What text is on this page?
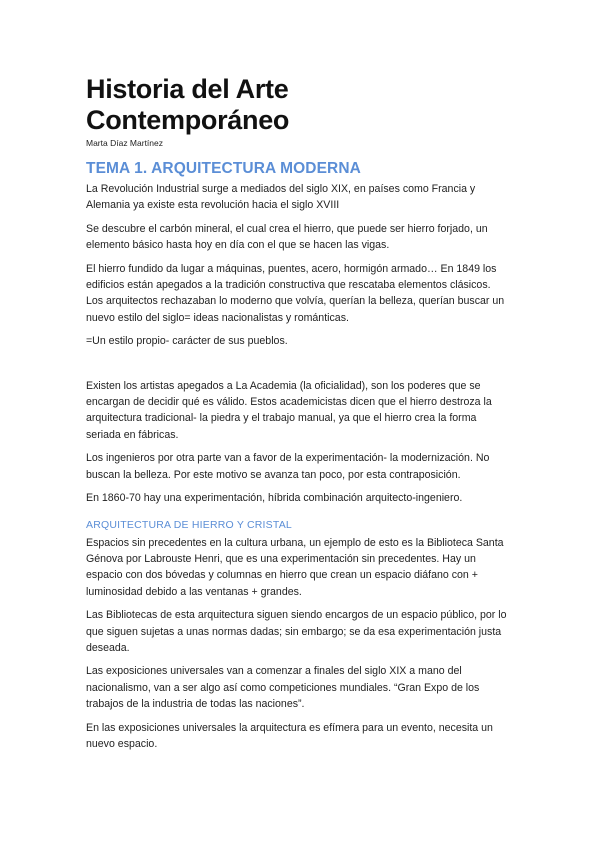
Historia del Arte
Contemporáneo
Marta Díaz Martínez
TEMA 1. ARQUITECTURA MODERNA

La Revolución Industrial surge a mediados del siglo XIX, en países como Francia y Alemania ya existe esta revolución hacia el siglo XVIII

Se descubre el carbón mineral, el cual crea el hierro, que puede ser hierro forjado, un elemento básico hasta hoy en día con el que se hacen las vigas.

El hierro fundido da lugar a máquinas, puentes, acero, hormigón armado… En 1849 los edificios están apegados a la tradición constructiva que rescataba elementos clásicos. Los arquitectos rechazaban lo moderno que volvía, querían la belleza, querían buscar un nuevo estilo del siglo= ideas nacionalistas y románticas.

=Un estilo propio- carácter de sus pueblos.

Existen los artistas apegados a La Academia (la oficialidad), son los poderes que se encargan de decidir qué es válido. Estos academicistas dicen que el hierro destroza la arquitectura tradicional- la piedra y el trabajo manual, ya que el hierro crea la forma seriada en fábricas.

Los ingenieros por otra parte van a favor de la experimentación- la modernización. No buscan la belleza. Por este motivo se avanza tan poco, por esta contraposición.

En 1860-70 hay una experimentación, híbrida combinación arquitecto-ingeniero.

ARQUITECTURA DE HIERRO Y CRISTAL

Espacios sin precedentes en la cultura urbana, un ejemplo de esto es la Biblioteca Santa Génova por Labrouste Henri, que es una experimentación sin precedentes. Hay un espacio con dos bóvedas y columnas en hierro que crean un espacio diáfano con + luminosidad debido a las ventanas + grandes.

Las Bibliotecas de esta arquitectura siguen siendo encargos de un espacio público, por lo que siguen sujetas a unas normas dadas; sin embargo; se da esa experimentación justa deseada.

Las exposiciones universales van a comenzar a finales del siglo XIX a mano del nacionalismo, van a ser algo así como competiciones mundiales. “Gran Expo de los trabajos de la industria de todas las naciones”.

En las exposiciones universales la arquitectura es efímera para un evento, necesita un nuevo espacio.
